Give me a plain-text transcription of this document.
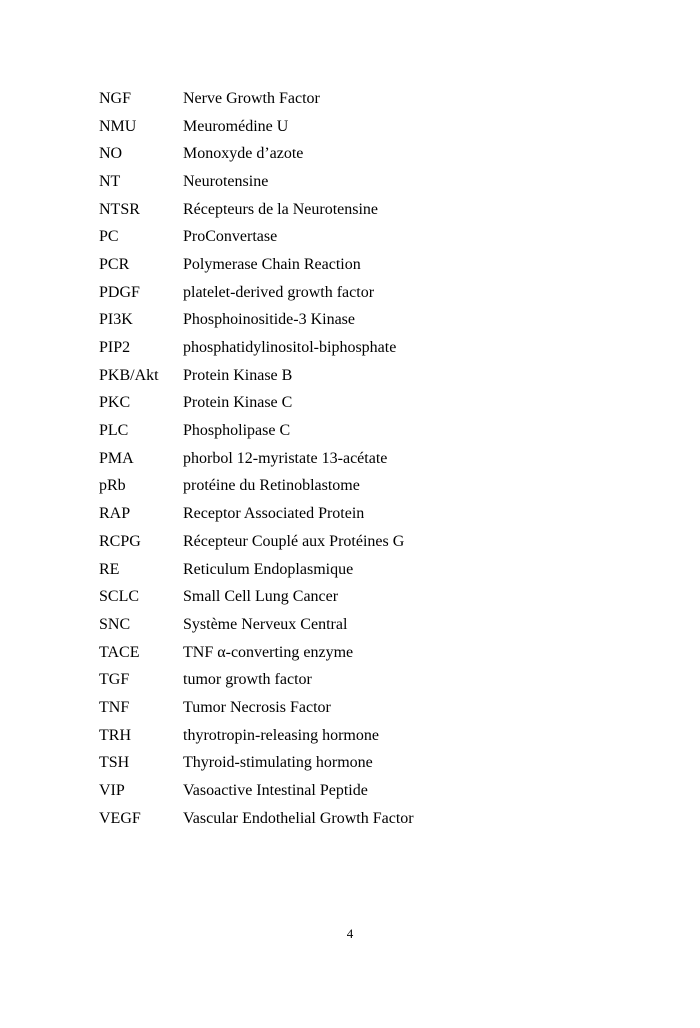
NGF	Nerve Growth Factor
NMU	Meuromédine U
NO	Monoxyde d’azote
NT	Neurotensine
NTSR	Récepteurs de la Neurotensine
PC	ProConvertase
PCR	Polymerase Chain Reaction
PDGF	platelet-derived growth factor
PI3K	Phosphoinositide-3 Kinase
PIP2	phosphatidylinositol-biphosphate
PKB/Akt	Protein Kinase B
PKC	Protein Kinase C
PLC	Phospholipase C
PMA	phorbol 12-myristate 13-acétate
pRb	protéine du Retinoblastome
RAP	Receptor Associated Protein
RCPG	Récepteur Couplé aux Protéines G
RE	Reticulum Endoplasmique
SCLC	Small Cell Lung Cancer
SNC	Système Nerveux Central
TACE	TNF α-converting enzyme
TGF	tumor growth factor
TNF	Tumor Necrosis Factor
TRH	thyrotropin-releasing hormone
TSH	Thyroid-stimulating hormone
VIP	Vasoactive Intestinal Peptide
VEGF	Vascular Endothelial Growth Factor
4
